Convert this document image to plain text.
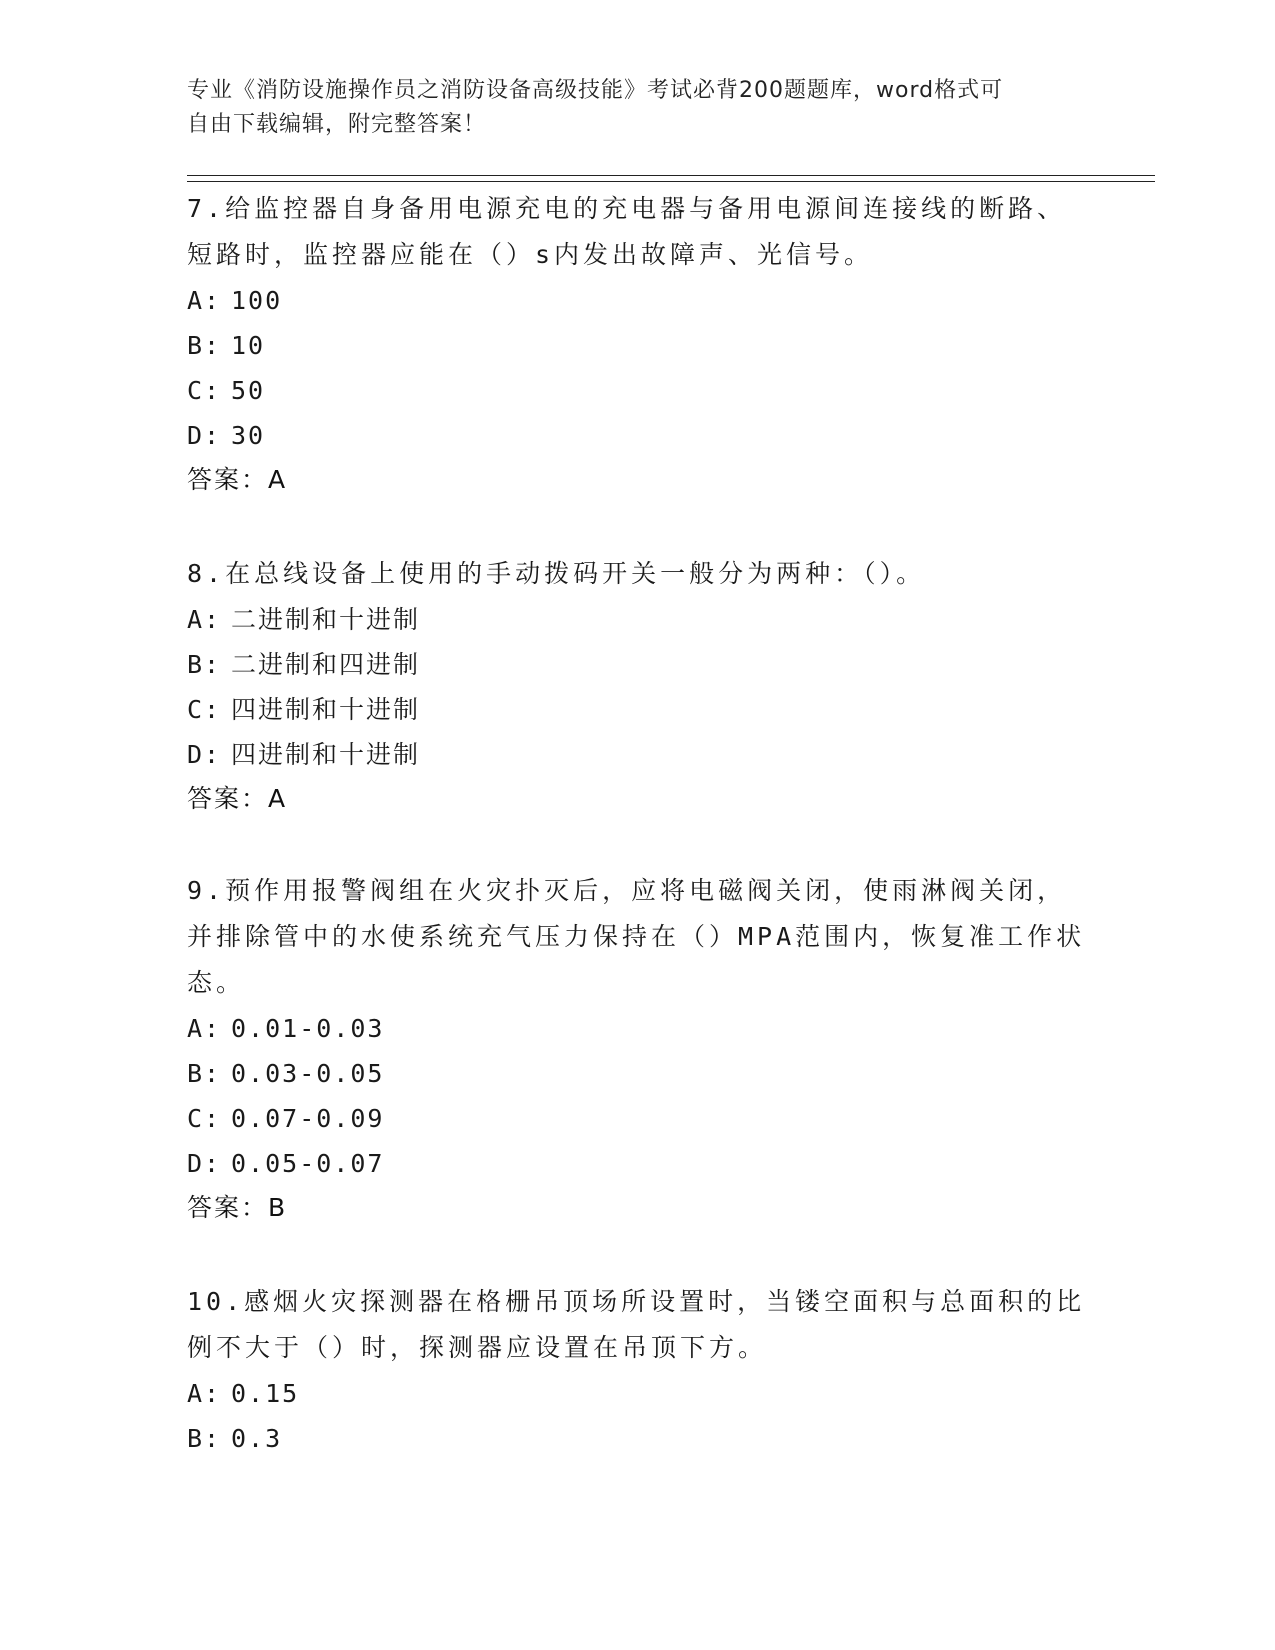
专业《消防设施操作员之消防设备高级技能》考试必背200题题库，word格式可
自由下载编辑，附完整答案！
7.给监控器自身备用电源充电的充电器与备用电源间连接线的断路、
短路时，监控器应能在（）s内发出故障声、光信号。
A: 100
B: 10
C: 50
D: 30
答案：A
8.在总线设备上使用的手动拨码开关一般分为两种：（）。
A: 二进制和十进制
B: 二进制和四进制
C: 四进制和十进制
D: 四进制和十进制
答案：A
9.预作用报警阀组在火灾扑灭后，应将电磁阀关闭，使雨淋阀关闭，
并排除管中的水使系统充气压力保持在（）MPA范围内，恢复准工作状
态。
A: 0.01-0.03
B: 0.03-0.05
C: 0.07-0.09
D: 0.05-0.07
答案：B
10.感烟火灾探测器在格栅吊顶场所设置时，当镂空面积与总面积的比
例不大于（）时，探测器应设置在吊顶下方。
A: 0.15
B: 0.3
